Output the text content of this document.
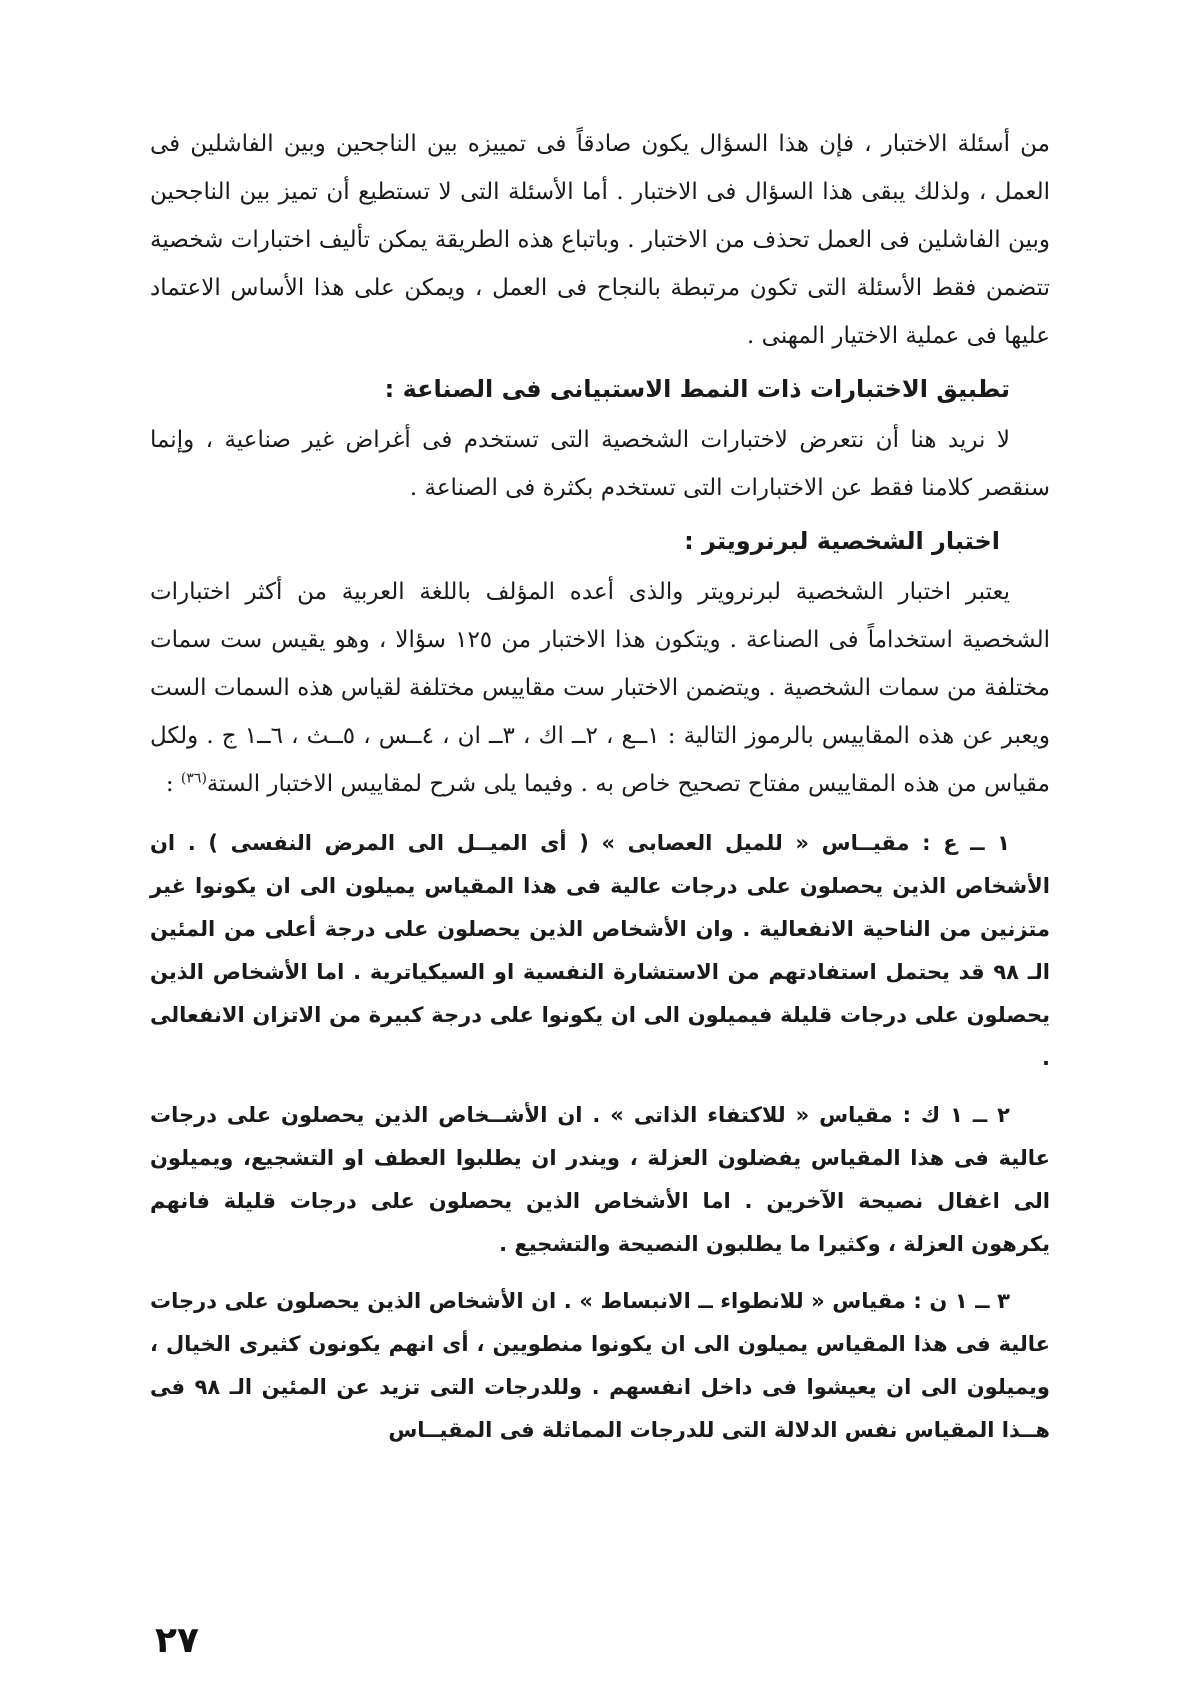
من أسئلة الاختبار ، فإن هذا السؤال يكون صادقاً فى تمييزه بين الناجحين وبين الفاشلين فى العمل ، ولذلك يبقى هذا السؤال فى الاختبار . أما الأسئلة التى لا تستطيع أن تميز بين الناجحين وبين الفاشلين فى العمل تحذف من الاختبار . وباتباع هذه الطريقة يمكن تأليف اختبارات شخصية تتضمن فقط الأسئلة التى تكون مرتبطة بالنجاح فى العمل ، ويمكن على هذا الأساس الاعتماد عليها فى عملية الاختيار المهنى .

تطبيق الاختبارات ذات النمط الاستبيانى فى الصناعة :

لا نريد هنا أن نتعرض لاختبارات الشخصية التى تستخدم فى أغراض غير صناعية ، وإنما سنقصر كلامنا فقط عن الاختبارات التى تستخدم بكثرة فى الصناعة .

اختبار الشخصية لبرنرويتر :

يعتبر اختبار الشخصية لبرنرويتر والذى أعده المؤلف باللغة العربية من أكثر اختبارات الشخصية استخداماً فى الصناعة . ويتكون هذا الاختبار من ١٢٥ سؤالا ، وهو يقيس ست سمات مختلفة من سمات الشخصية . ويتضمن الاختبار ست مقاييس مختلفة لقياس هذه السمات الست ويعبر عن هذه المقاييس بالرموز التالية : ١ــع ، ٢ــ اك ، ٣ــ ان ، ٤ــس ، ٥ــث ، ٦ــ١ ج . ولكل مقياس من هذه المقاييس مفتاح تصحيح خاص به . وفيما يلى شرح لمقاييس الاختبار الستة$^{(٣٦)}$ :

١ ــ ع : مقيــاس « للميل العصابى » ( أى الميــل الى المرض النفسى ) . ان الأشخاص الذين يحصلون على درجات عالية فى هذا المقياس يميلون الى ان يكونوا غير متزنين من الناحية الانفعالية . وان الأشخاص الذين يحصلون على درجة أعلى من المئين الـ ٩٨ قد يحتمل استفادتهم من الاستشارة النفسية او السيكياترية . اما الأشخاص الذين يحصلون على درجات قليلة فيميلون الى ان يكونوا على درجة كبيرة من الاتزان الانفعالى .

٢ ــ ١ ك : مقياس « للاكتفاء الذاتى » . ان الأشــخاص الذين يحصلون على درجات عالية فى هذا المقياس يفضلون العزلة ، ويندر ان يطلبوا العطف او التشجيع، ويميلون الى اغفال نصيحة الآخرين . اما الأشخاص الذين يحصلون على درجات قليلة فانهم يكرهون العزلة ، وكثيرا ما يطلبون النصيحة والتشجيع .

٣ ــ ١ ن : مقياس « للانطواء ــ الانبساط » . ان الأشخاص الذين يحصلون على درجات عالية فى هذا المقياس يميلون الى ان يكونوا منطويين ، أى انهم يكونون كثيرى الخيال ، ويميلون الى ان يعيشوا فى داخل انفسهم . وللدرجات التى تزيد عن المئين الـ ٩٨ فى هــذا المقياس نفس الدلالة التى للدرجات المماثلة فى المقيــاس

٢٧
